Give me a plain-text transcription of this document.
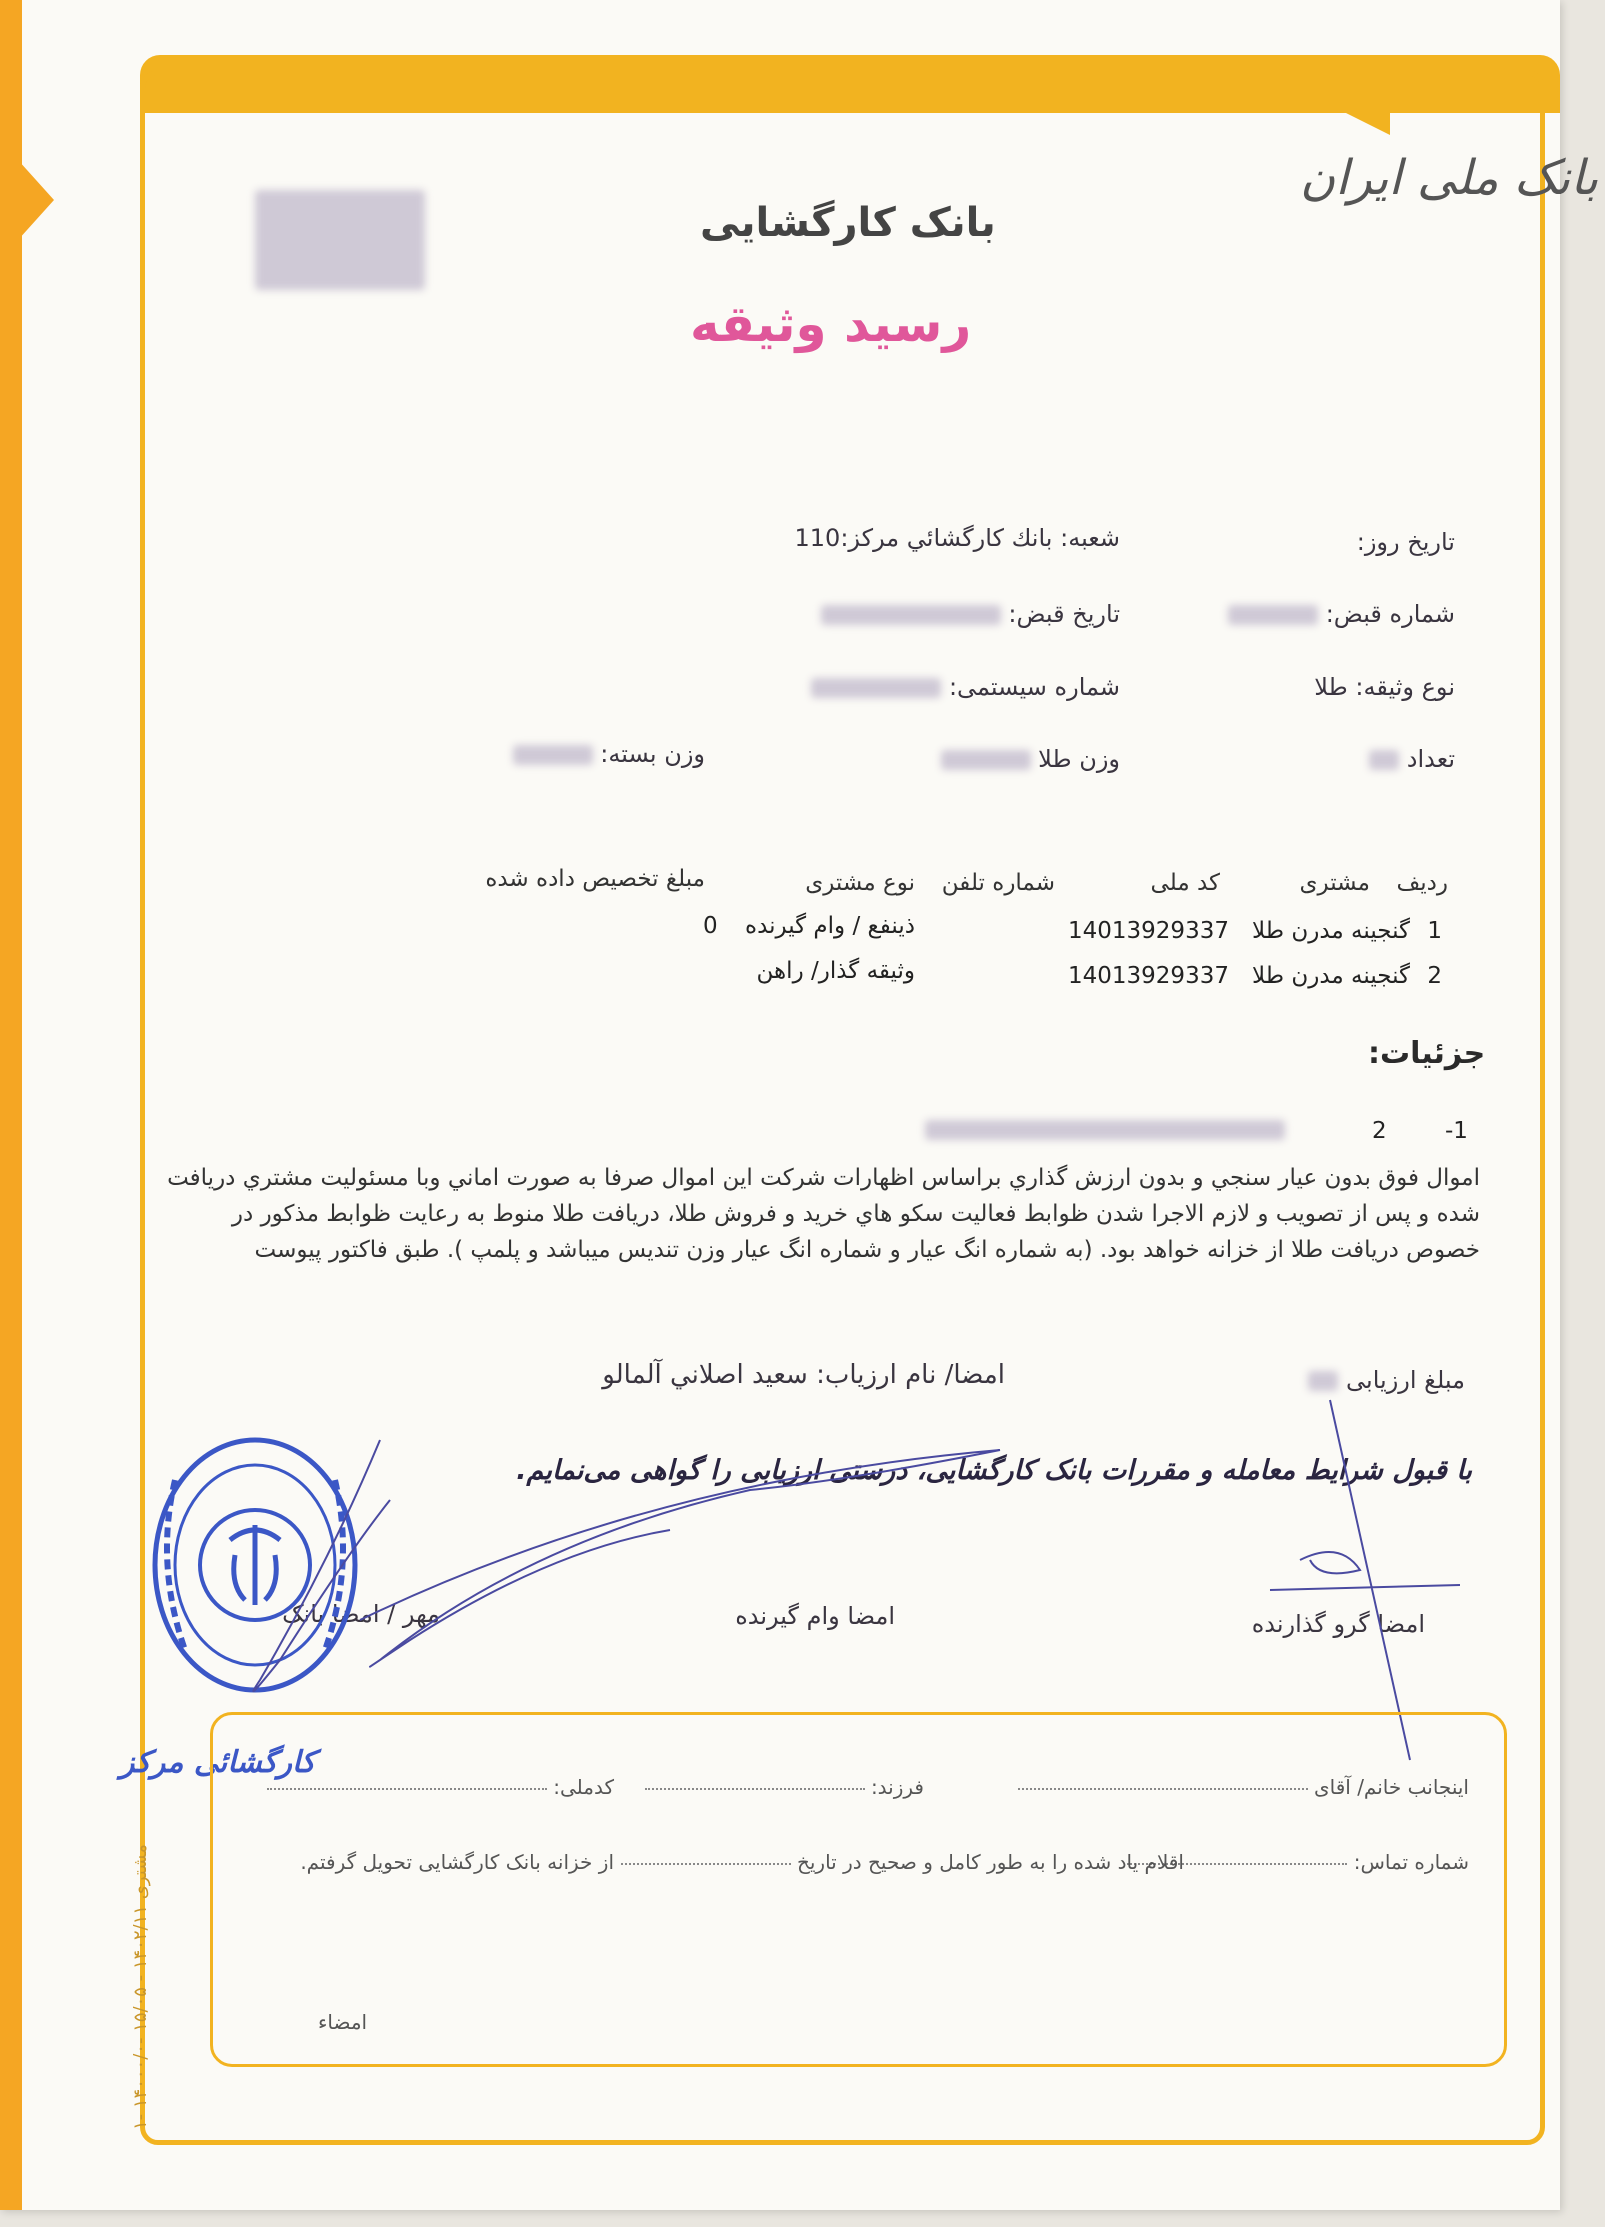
بانک ملی ایران
بانک کارگشایی
رسید وثیقه
تاریخ روز:
شعبه: بانك کارگشائي مرکز:110
شماره قبض:
تاریخ قبض:
نوع وثیقه: طلا
شماره سیستمی:
تعداد
وزن طلا
وزن بسته:
ردیف
مشتری
کد ملی
شماره تلفن
نوع مشتری
مبلغ تخصیص داده شده
1
گنجینه مدرن طلا
14013929337
ذینفع / وام گیرنده
0
2
گنجینه مدرن طلا
14013929337
وثیقه گذار/ راهن
جزئیات:
-1
2
اموال فوق بدون عیار سنجي و بدون ارزش گذاري براساس اظهارات شرکت این اموال صرفا به صورت اماني وبا مسئولیت مشتري دریافت شده و پس از تصویب و لازم الاجرا شدن ظوابط فعالیت سکو هاي خرید و فروش طلا، دریافت طلا منوط به رعایت ظوابط مذکور در خصوص دریافت طلا از خزانه خواهد بود. (به شماره انگ عیار و شماره انگ عیار وزن تندیس میباشد و پلمپ ). طبق فاکتور پیوست
مبلغ ارزیابی
امضا/ نام ارزیاب: سعید اصلاني آلمالو
با قبول شرایط معامله و مقررات بانک کارگشایی، درستی ارزیابی را گواهی می‌نمایم.
امضا گرو گذارنده
امضا وام گیرنده
مهر / امضا بانک
کارگشائی مرکز
اینجانب خانم/ آقای
فرزند:
کدملی:
شماره تماس:
اقلام یاد شده را به طور کامل و صحیح در تاریخ
از خزانه بانک کارگشایی تحویل گرفتم.
امضاء
۱- مشتری ۱۴۰۲/۱۱ - ۱۵/۰۵ -۱۴۰۰۰/۰
